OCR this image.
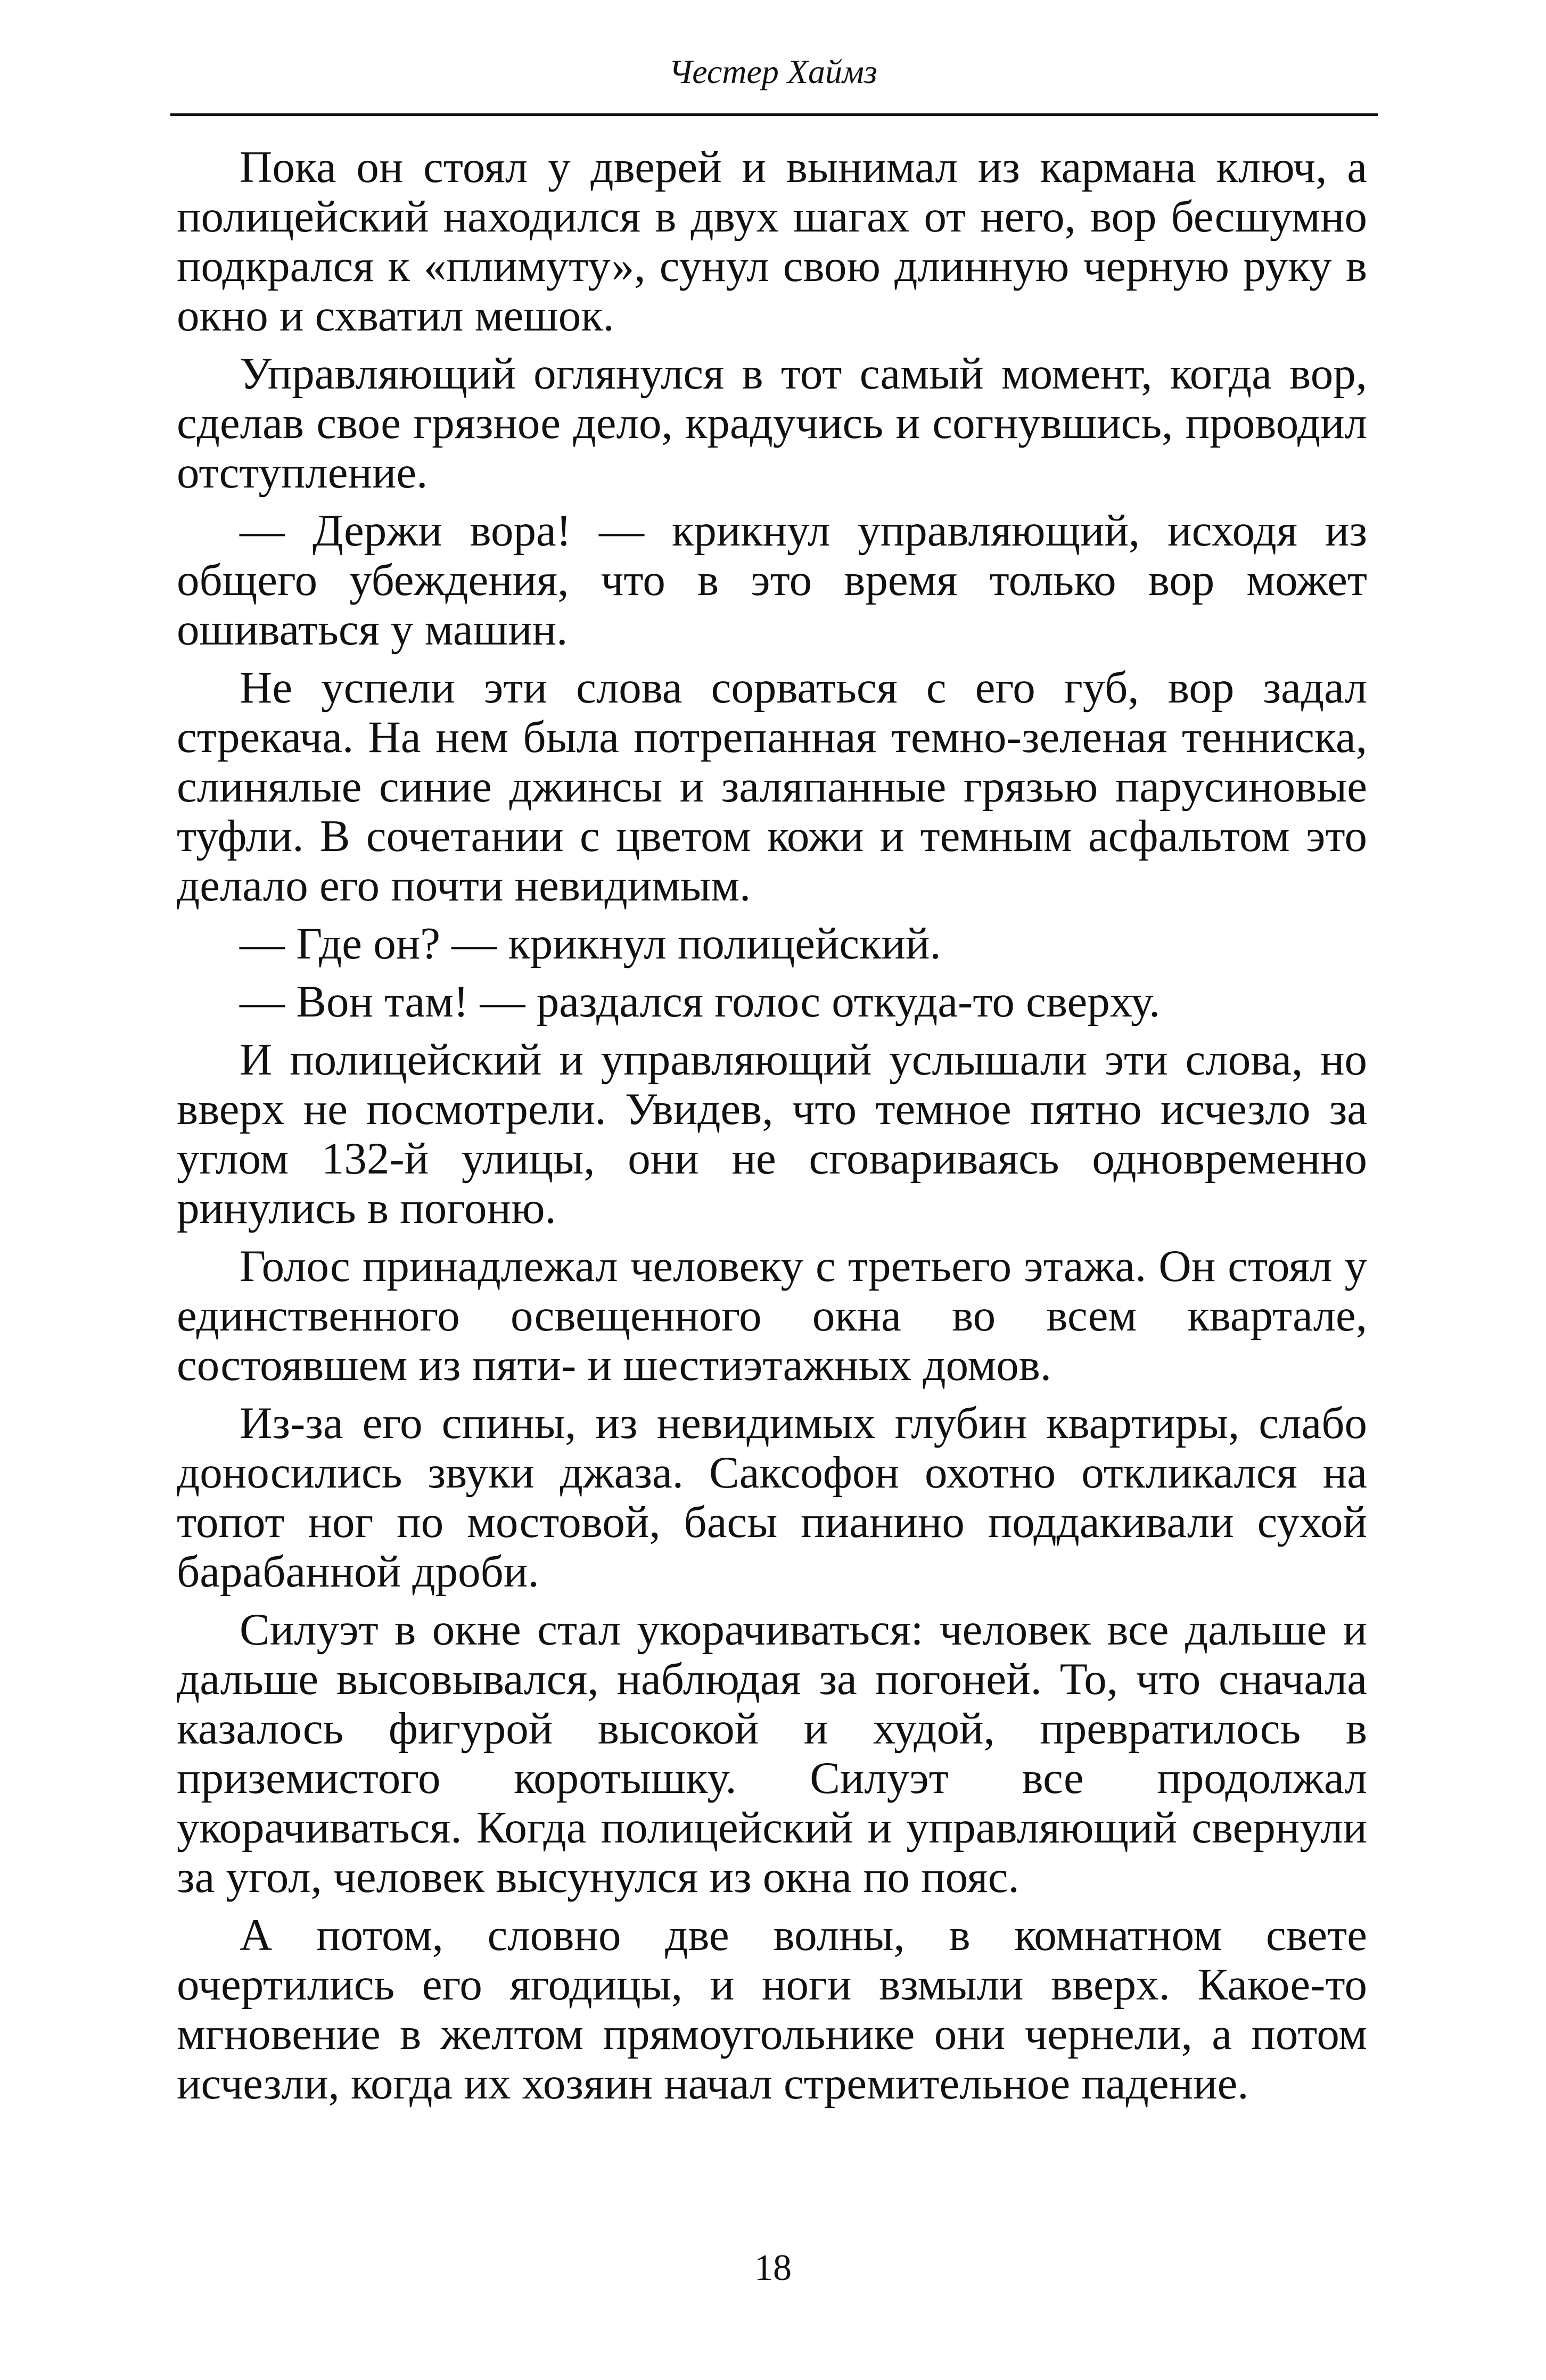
Честер Хаймз

Пока он стоял у дверей и вынимал из кармана ключ, а полицейский находился в двух шагах от него, вор бесшумно подкрался к «плимуту», сунул свою длинную черную руку в окно и схватил мешок.

Управляющий оглянулся в тот самый момент, когда вор, сделав свое грязное дело, крадучись и согнувшись, проводил отступление.

— Держи вора! — крикнул управляющий, исходя из общего убеждения, что в это время только вор может ошиваться у машин.

Не успели эти слова сорваться с его губ, вор задал стрекача. На нем была потрепанная темно-зеленая тенниска, слинялые синие джинсы и заляпанные грязью парусиновые туфли. В сочетании с цветом кожи и темным асфальтом это делало его почти невидимым.

— Где он? — крикнул полицейский.

— Вон там! — раздался голос откуда-то сверху.

И полицейский и управляющий услышали эти слова, но вверх не посмотрели. Увидев, что темное пятно исчезло за углом 132-й улицы, они не сговариваясь одновременно ринулись в погоню.

Голос принадлежал человеку с третьего этажа. Он стоял у единственного освещенного окна во всем квартале, состоявшем из пяти- и шестиэтажных домов.

Из-за его спины, из невидимых глубин квартиры, слабо доносились звуки джаза. Саксофон охотно откликался на топот ног по мостовой, басы пианино поддакивали сухой барабанной дроби.

Силуэт в окне стал укорачиваться: человек все дальше и дальше высовывался, наблюдая за погоней. То, что сначала казалось фигурой высокой и худой, превратилось в приземистого коротышку. Силуэт все продолжал укорачиваться. Когда полицейский и управляющий свернули за угол, человек высунулся из окна по пояс.

А потом, словно две волны, в комнатном свете очертились его ягодицы, и ноги взмыли вверх. Какое-то мгновение в желтом прямоугольнике они чернели, а потом исчезли, когда их хозяин начал стремительное падение.

18
